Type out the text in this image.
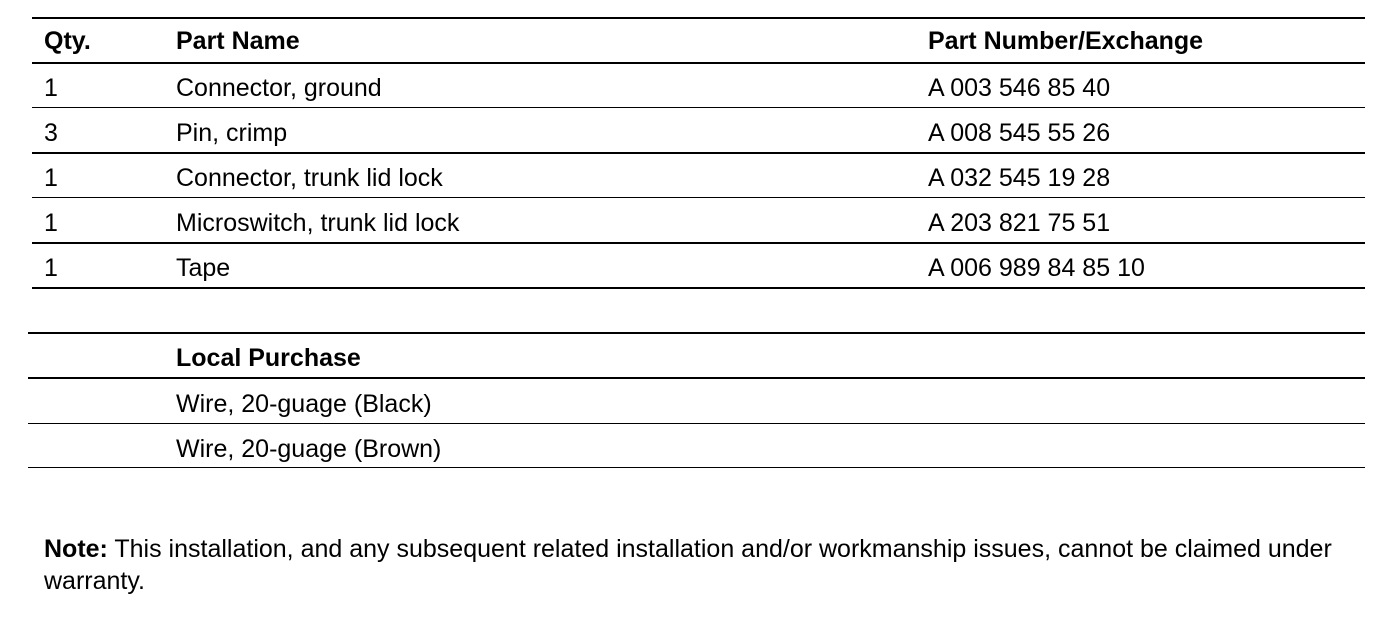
Qty.	Part Name	Part Number/Exchange
1	Connector, ground	A 003 546 85 40
3	Pin, crimp	A 008 545 55 26
1	Connector, trunk lid lock	A 032 545 19 28
1	Microswitch, trunk lid lock	A 203 821 75 51
1	Tape	A 006 989 84 85 10
Local Purchase
Wire, 20-guage (Black)
Wire, 20-guage (Brown)
Note: This installation, and any subsequent related installation and/or workmanship issues, cannot be claimed under warranty.
